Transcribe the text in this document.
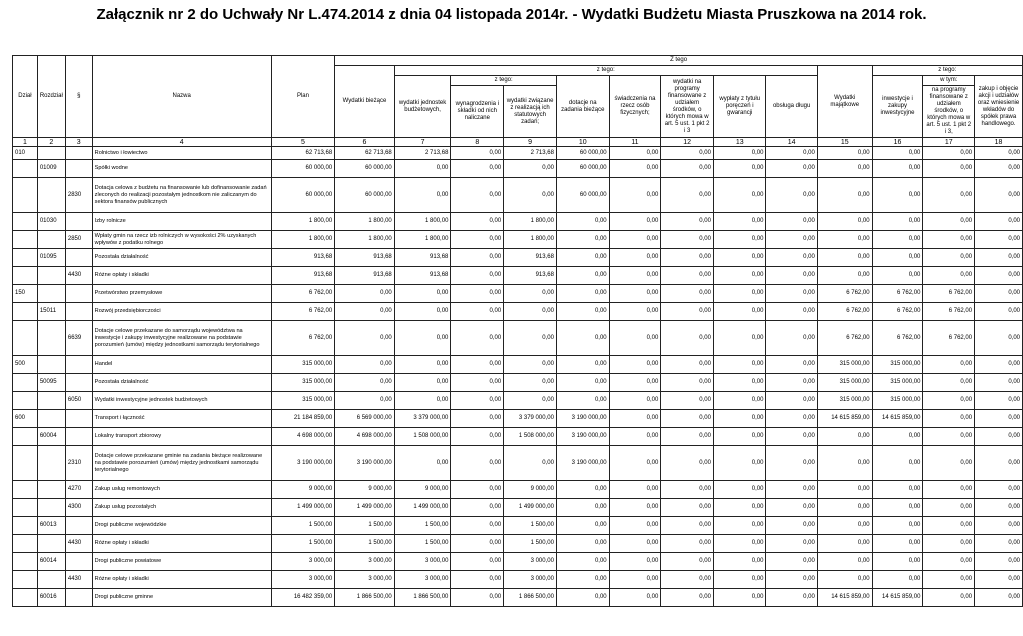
Załącznik nr 2 do Uchwały Nr L.474.2014 z dnia 04 listopada 2014r. - Wydatki Budżetu Miasta Pruszkowa na 2014 rok.
Dział	Rozdział	§	Nazwa	Plan	Z tego												
					Wydatki bieżące	z tego:								Wydatki majątkowe	z tego:		
						wydatki jednostek budżetowych,	z tego:		dotacje na zadania bieżące	świadczenia na rzecz osób fizycznych;	wydatki na programy finansowane z udziałem środków, o których mowa w art. 5 ust. 1 pkt 2 i 3	wypłaty z tytułu poręczeń i gwarancji	obsługa długu		inwestycje i zakupy inwestycyjne	w tym:	zakup i objęcie akcji i udziałów oraz wniesienie wkładów do spółek prawa handlowego.
							wynagrodzenia i składki od nich naliczane	wydatki związane z realizacją ich statutowych zadań;								na programy finansowane z udziałem środków, o których mowa w art. 5 ust. 1 pkt 2 i 3,	
1	2	3	4	5	6	7	8	9	10	11	12	13	14	15	16	17	18
010			Rolnictwo i łowiectwo	62 713,68	62 713,68	2 713,68	0,00	2 713,68	60 000,00	0,00	0,00	0,00	0,00	0,00	0,00	0,00	0,00
	01009		Spółki wodne	60 000,00	60 000,00	0,00	0,00	0,00	60 000,00	0,00	0,00	0,00	0,00	0,00	0,00	0,00	0,00
		2830	Dotacja celowa z budżetu na finansowanie lub dofinansowanie zadań zleconych do realizacji pozostałym jednostkom nie zaliczanym do sektora finansów publicznych	60 000,00	60 000,00	0,00	0,00	0,00	60 000,00	0,00	0,00	0,00	0,00	0,00	0,00	0,00	0,00
	01030		Izby rolnicze	1 800,00	1 800,00	1 800,00	0,00	1 800,00	0,00	0,00	0,00	0,00	0,00	0,00	0,00	0,00	0,00
		2850	Wpłaty gmin na rzecz izb rolniczych w wysokości 2% uzyskanych wpływów z podatku rolnego	1 800,00	1 800,00	1 800,00	0,00	1 800,00	0,00	0,00	0,00	0,00	0,00	0,00	0,00	0,00	0,00
	01095		Pozostała działalność	913,68	913,68	913,68	0,00	913,68	0,00	0,00	0,00	0,00	0,00	0,00	0,00	0,00	0,00
		4430	Różne opłaty i składki	913,68	913,68	913,68	0,00	913,68	0,00	0,00	0,00	0,00	0,00	0,00	0,00	0,00	0,00
150			Przetwórstwo przemysłowe	6 762,00	0,00	0,00	0,00	0,00	0,00	0,00	0,00	0,00	0,00	6 762,00	6 762,00	6 762,00	0,00
	15011		Rozwój przedsiębiorczości	6 762,00	0,00	0,00	0,00	0,00	0,00	0,00	0,00	0,00	0,00	6 762,00	6 762,00	6 762,00	0,00
		6639	Dotacje celowe przekazane do samorządu województwa na inwestycje i zakupy inwestycyjne realizowane na podstawie porozumień (umów) między jednostkami samorządu terytorialnego	6 762,00	0,00	0,00	0,00	0,00	0,00	0,00	0,00	0,00	0,00	6 762,00	6 762,00	6 762,00	0,00
500			Handel	315 000,00	0,00	0,00	0,00	0,00	0,00	0,00	0,00	0,00	0,00	315 000,00	315 000,00	0,00	0,00
	50095		Pozostała działalność	315 000,00	0,00	0,00	0,00	0,00	0,00	0,00	0,00	0,00	0,00	315 000,00	315 000,00	0,00	0,00
		6050	Wydatki inwestycyjne jednostek budżetowych	315 000,00	0,00	0,00	0,00	0,00	0,00	0,00	0,00	0,00	0,00	315 000,00	315 000,00	0,00	0,00
600			Transport i łączność	21 184 859,00	6 569 000,00	3 379 000,00	0,00	3 379 000,00	3 190 000,00	0,00	0,00	0,00	0,00	14 615 859,00	14 615 859,00	0,00	0,00
	60004		Lokalny transport zbiorowy	4 698 000,00	4 698 000,00	1 508 000,00	0,00	1 508 000,00	3 190 000,00	0,00	0,00	0,00	0,00	0,00	0,00	0,00	0,00
		2310	Dotacje celowe przekazane gminie na zadania bieżące realizowane na podstawie porozumień (umów) między jednostkami samorządu terytorialnego	3 190 000,00	3 190 000,00	0,00	0,00	0,00	3 190 000,00	0,00	0,00	0,00	0,00	0,00	0,00	0,00	0,00
		4270	Zakup usług remontowych	9 000,00	9 000,00	9 000,00	0,00	9 000,00	0,00	0,00	0,00	0,00	0,00	0,00	0,00	0,00	0,00
		4300	Zakup usług pozostałych	1 499 000,00	1 499 000,00	1 499 000,00	0,00	1 499 000,00	0,00	0,00	0,00	0,00	0,00	0,00	0,00	0,00	0,00
	60013		Drogi publiczne wojewódzkie	1 500,00	1 500,00	1 500,00	0,00	1 500,00	0,00	0,00	0,00	0,00	0,00	0,00	0,00	0,00	0,00
		4430	Różne opłaty i składki	1 500,00	1 500,00	1 500,00	0,00	1 500,00	0,00	0,00	0,00	0,00	0,00	0,00	0,00	0,00	0,00
	60014		Drogi publiczne powiatowe	3 000,00	3 000,00	3 000,00	0,00	3 000,00	0,00	0,00	0,00	0,00	0,00	0,00	0,00	0,00	0,00
		4430	Różne opłaty i składki	3 000,00	3 000,00	3 000,00	0,00	3 000,00	0,00	0,00	0,00	0,00	0,00	0,00	0,00	0,00	0,00
	60016		Drogi publiczne gminne	16 482 359,00	1 866 500,00	1 866 500,00	0,00	1 866 500,00	0,00	0,00	0,00	0,00	0,00	14 615 859,00	14 615 859,00	0,00	0,00
